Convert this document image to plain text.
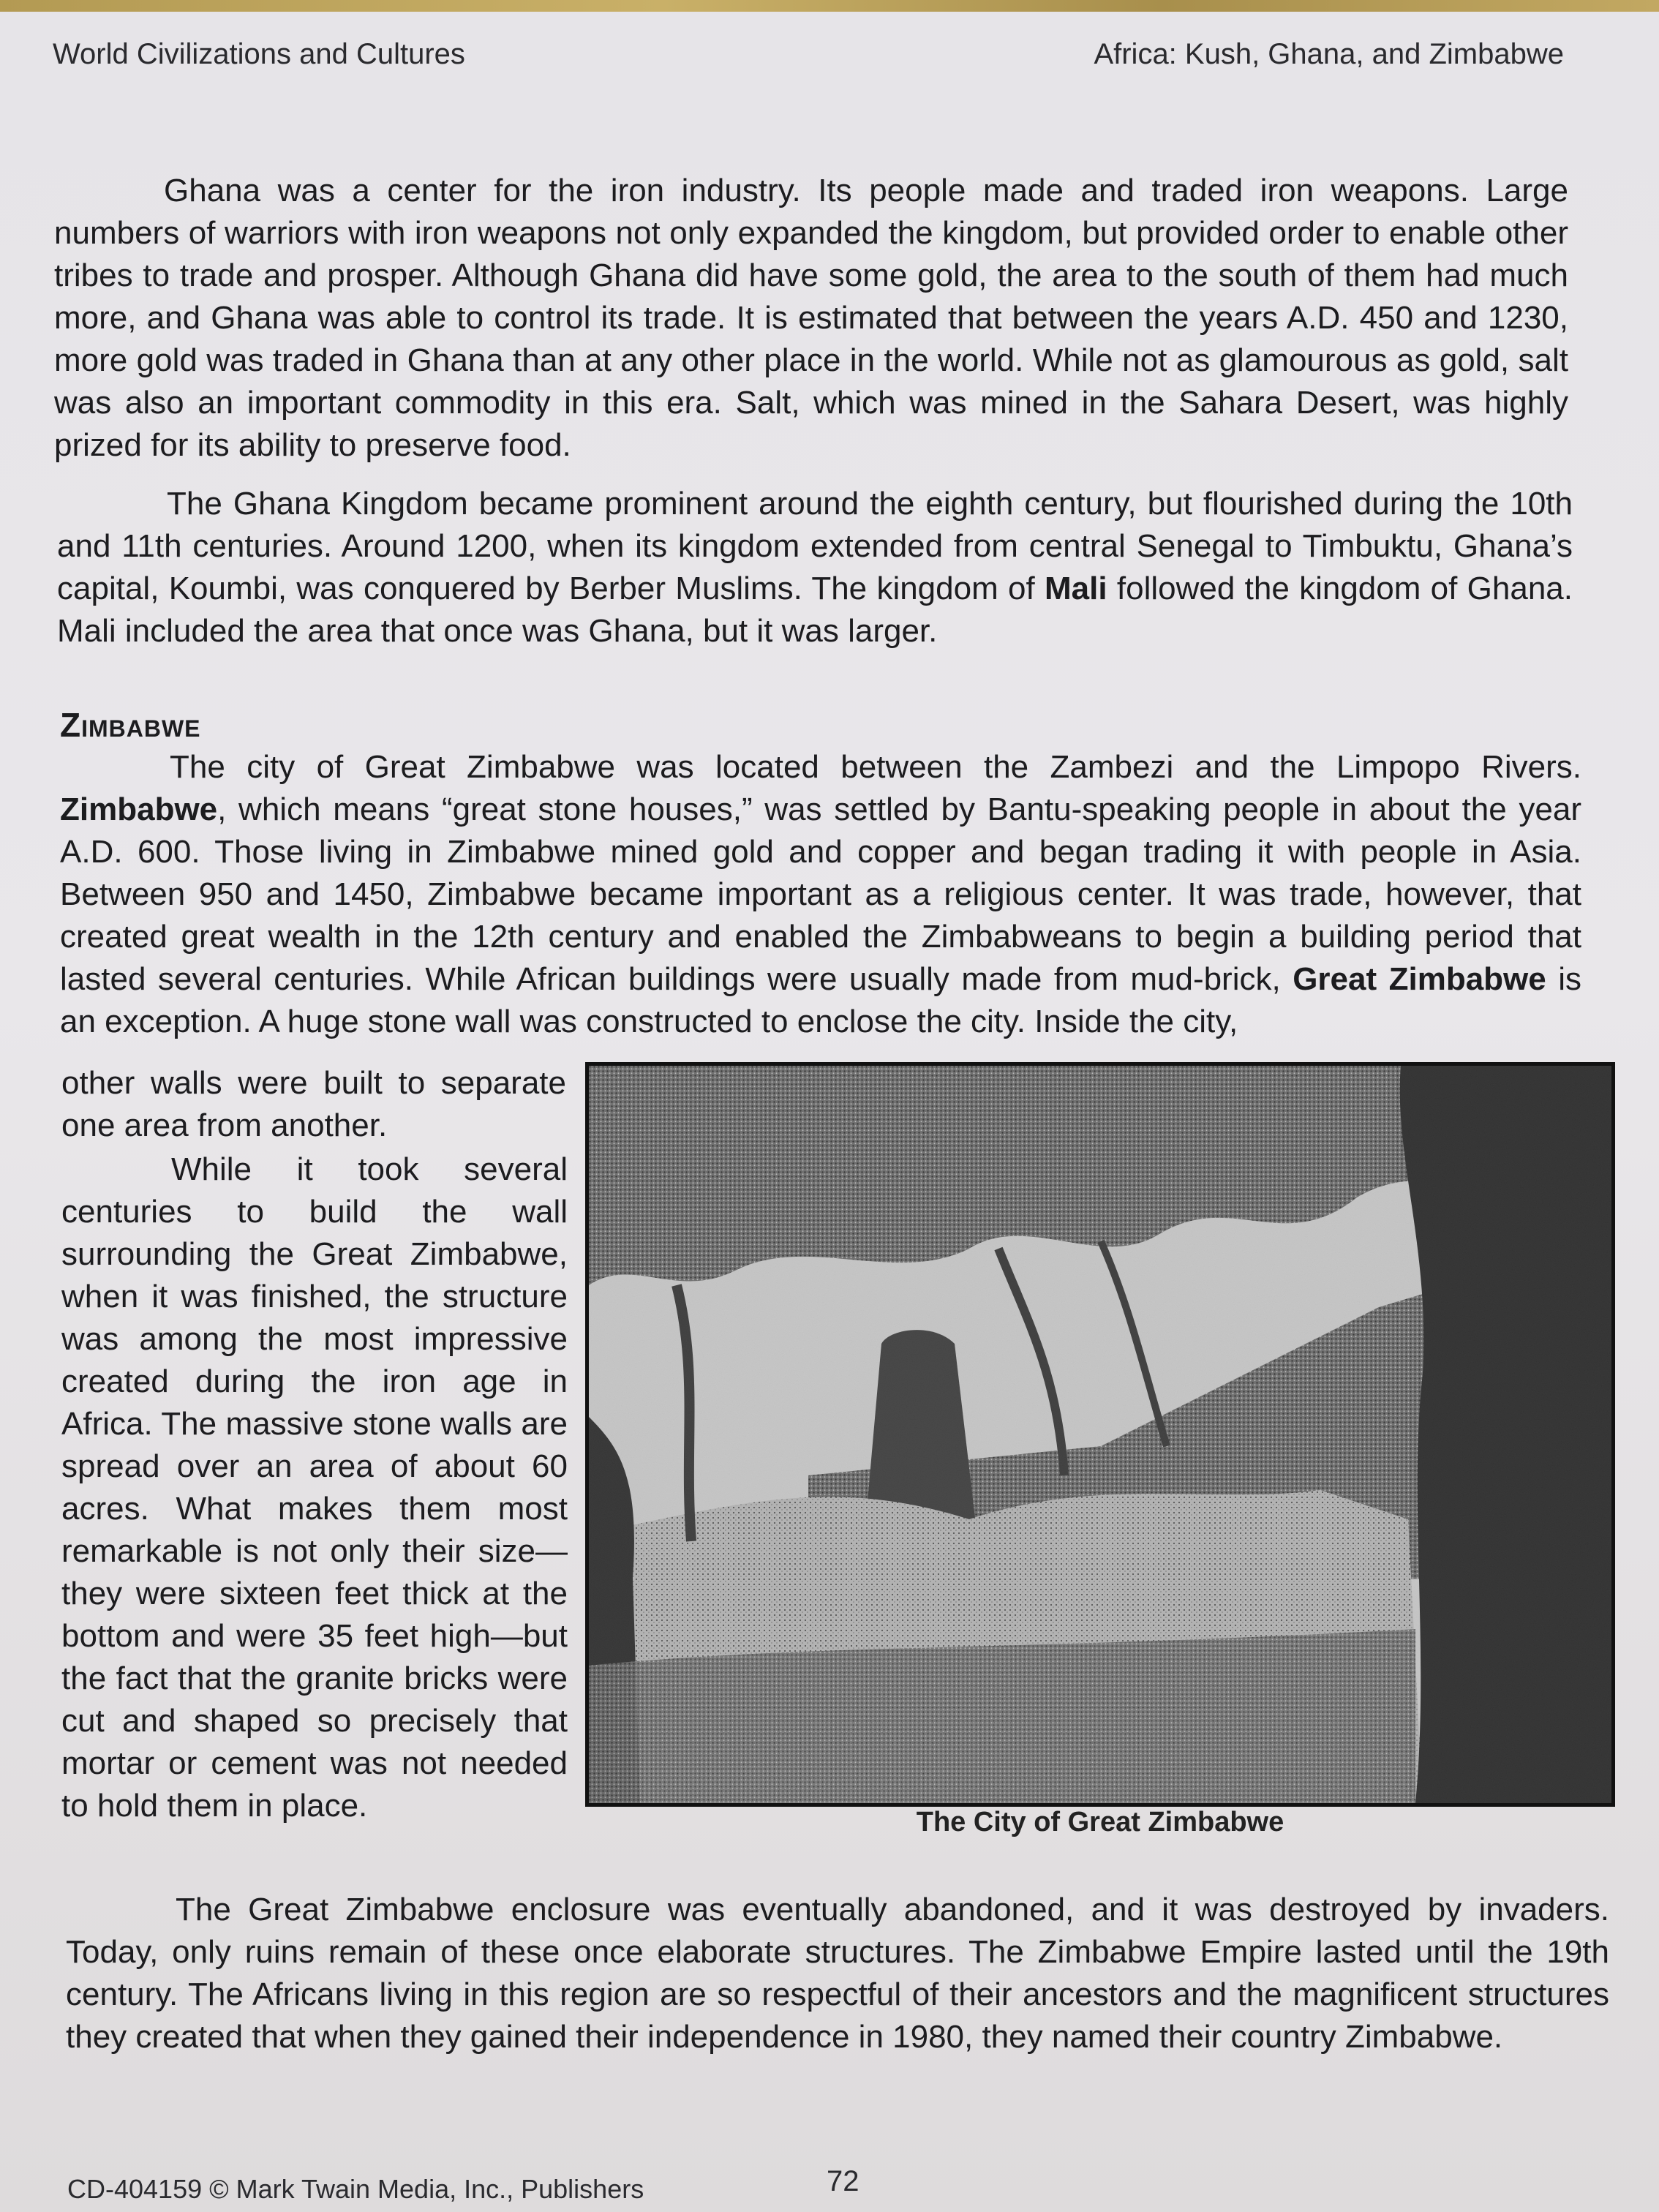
World Civilizations and Cultures	Africa: Kush, Ghana, and Zimbabwe

Ghana was a center for the iron industry. Its people made and traded iron weapons. Large numbers of warriors with iron weapons not only expanded the kingdom, but provided order to enable other tribes to trade and prosper. Although Ghana did have some gold, the area to the south of them had much more, and Ghana was able to control its trade. It is estimated that between the years A.D. 450 and 1230, more gold was traded in Ghana than at any other place in the world. While not as glamourous as gold, salt was also an important commodity in this era. Salt, which was mined in the Sahara Desert, was highly prized for its ability to preserve food.

The Ghana Kingdom became prominent around the eighth century, but flourished during the 10th and 11th centuries. Around 1200, when its kingdom extended from central Senegal to Timbuktu, Ghana’s capital, Koumbi, was conquered by Berber Muslims. The kingdom of Mali followed the kingdom of Ghana. Mali included the area that once was Ghana, but it was larger.

Zimbabwe

The city of Great Zimbabwe was located between the Zambezi and the Limpopo Rivers. Zimbabwe, which means “great stone houses,” was settled by Bantu-speaking people in about the year A.D. 600. Those living in Zimbabwe mined gold and copper and began trading it with people in Asia. Between 950 and 1450, Zimbabwe became important as a religious center. It was trade, however, that created great wealth in the 12th century and enabled the Zimbabweans to begin a building period that lasted several centuries. While African buildings were usually made from mud-brick, Great Zimbabwe is an exception. A huge stone wall was constructed to enclose the city. Inside the city,

other walls were built to separate one area from another.

While it took several centuries to build the wall surrounding the Great Zimbabwe, when it was finished, the structure was among the most impressive created during the iron age in Africa. The massive stone walls are spread over an area of about 60 acres. What makes them most remarkable is not only their size—they were sixteen feet thick at the bottom and were 35 feet high—but the fact that the granite bricks were cut and shaped so precisely that mortar or cement was not needed to hold them in place.	The City of Great Zimbabwe

The Great Zimbabwe enclosure was eventually abandoned, and it was destroyed by invaders. Today, only ruins remain of these once elaborate structures. The Zimbabwe Empire lasted until the 19th century. The Africans living in this region are so respectful of their ancestors and the magnificent structures they created that when they gained their independence in 1980, they named their country Zimbabwe.

CD-404159 © Mark Twain Media, Inc., Publishers	72
